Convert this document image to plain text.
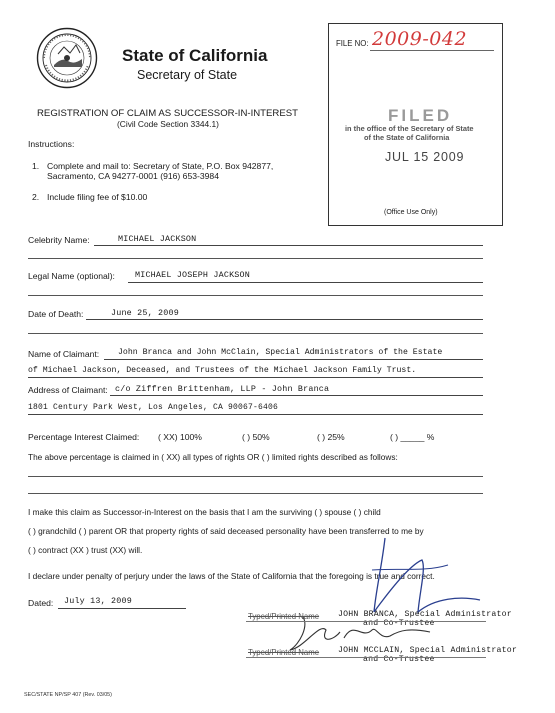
State of California
Secretary of State
FILE NO: 2009-042
FILED
in the office of the Secretary of State
of the State of California
JUL 15 2009
(Office Use Only)
REGISTRATION OF CLAIM AS SUCCESSOR-IN-INTEREST
(Civil Code Section 3344.1)
Instructions:
1. Complete and mail to: Secretary of State, P.O. Box 942877,
Sacramento, CA 94277-0001 (916) 653-3984
2. Include filing fee of $10.00
Celebrity Name:	MICHAEL JACKSON
Legal Name (optional): MICHAEL JOSEPH JACKSON
Date of Death:	June 25, 2009
Name of Claimant: John Branca and John McClain, Special Administrators of the Estate
of Michael Jackson, Deceased, and Trustees of the Michael Jackson Family Trust.
Address of Claimant: c/o Ziffren Brittenham, LLP - John Branca
1801 Century Park West, Los Angeles, CA 90067-6406
Percentage Interest Claimed: ( XX) 100%	( ) 50%	( ) 25%	( ) _____ %
The above percentage is claimed in ( XX) all types of rights OR ( ) limited rights described as follows:
I make this claim as Successor-in-Interest on the basis that I am the surviving ( ) spouse ( ) child
( ) grandchild ( ) parent OR that property rights of said deceased personality have been transferred to me by
( ) contract (XX ) trust (XX) will.
I declare under penalty of perjury under the laws of the State of California that the foregoing is true and correct.
Dated: July 13, 2009
Typed/Printed Name JOHN BRANCA, Special Administrator
and Co-Trustee
Typed/Printed Name JOHN MCCLAIN, Special Administrator
and Co-Trustee
SEC/STATE NP/SP 407 (Rev. 03/05)
